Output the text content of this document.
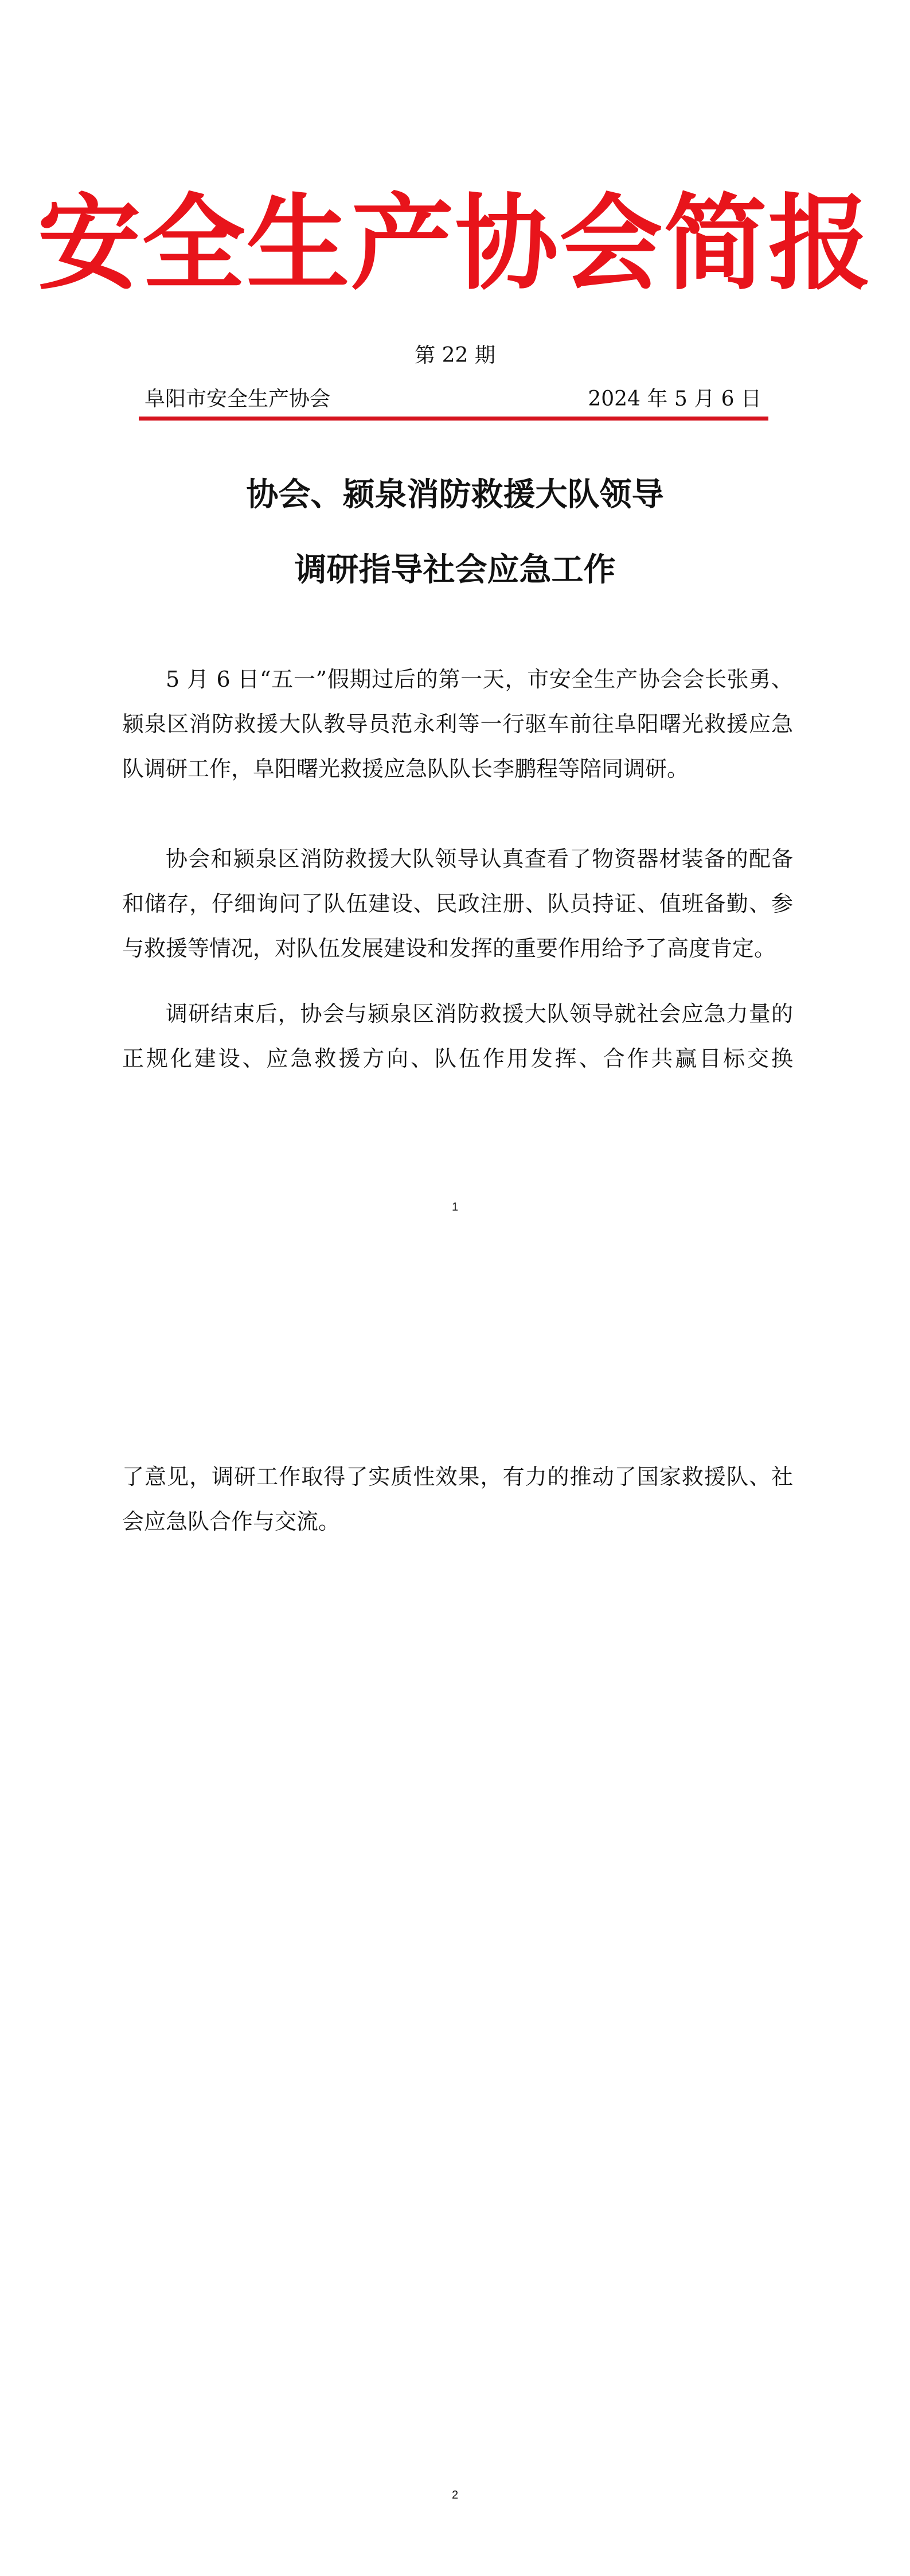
安全生产协会简报
第 22 期
阜阳市安全生产协会	2024 年 5 月 6 日
协会、颍泉消防救援大队领导
调研指导社会应急工作

5 月 6 日“五一”假期过后的第一天，市安全生产协会会长张勇、颍泉区消防救援大队教导员范永利等一行驱车前往阜阳曙光救援应急队调研工作，阜阳曙光救援应急队队长李鹏程等陪同调研。

协会和颍泉区消防救援大队领导认真查看了物资器材装备的配备和储存，仔细询问了队伍建设、民政注册、队员持证、值班备勤、参与救援等情况，对队伍发展建设和发挥的重要作用给予了高度肯定。

调研结束后，协会与颍泉区消防救援大队领导就社会应急力量的正规化建设、应急救援方向、队伍作用发挥、合作共赢目标交换

1
2

了意见，调研工作取得了实质性效果，有力的推动了国家救援队、社会应急队合作与交流。
